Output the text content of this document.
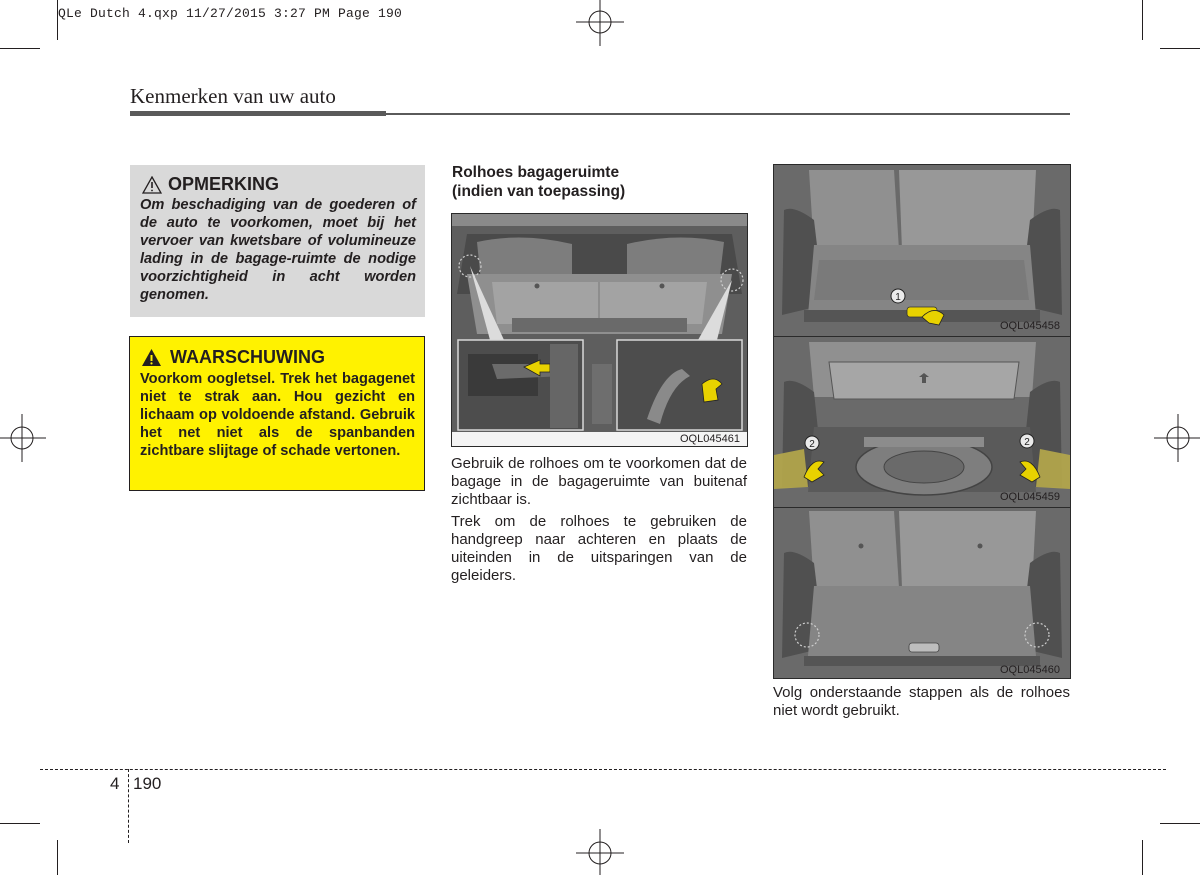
QLe Dutch 4.qxp 11/27/2015 3:27 PM Page 190
Kenmerken van uw auto
OPMERKING
Om beschadiging van de goederen of de auto te voorkomen, moet bij het vervoer van kwetsbare of volumineuze lading in de bagage-ruimte de nodige voorzichtigheid in acht worden genomen.
WAARSCHUWING
Voorkom oogletsel. Trek het bagagenet niet te strak aan. Hou gezicht en lichaam op voldoende afstand. Gebruik het net niet als de spanbanden zichtbare slijtage of schade vertonen.
Rolhoes bagageruimte
(indien van toepassing)
OQL045461
Gebruik de rolhoes om te voorkomen dat de bagage in de bagageruimte van buitenaf zichtbaar is.
Trek om de rolhoes te gebruiken de handgreep naar achteren en plaats de uiteinden in de uitsparingen van de geleiders.
1
OQL045458
2	2
OQL045459
OQL045460
Volg onderstaande stappen als de rolhoes niet wordt gebruikt.
4 190
